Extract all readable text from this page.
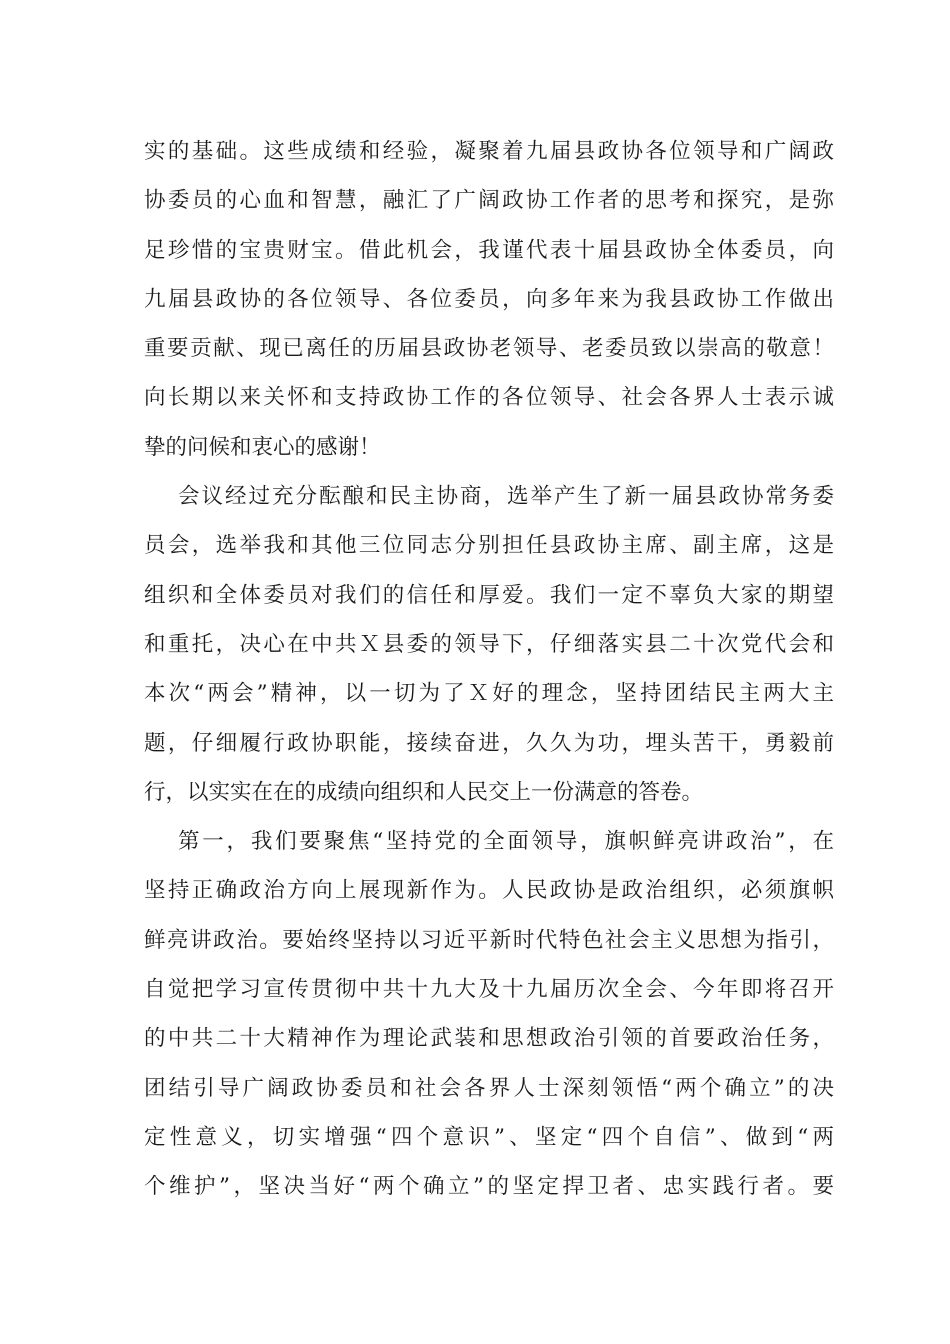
实的基础。这些成绩和经验，凝聚着九届县政协各位领导和广阔政
协委员的心血和智慧，融汇了广阔政协工作者的思考和探究，是弥
足珍惜的宝贵财宝。借此机会，我谨代表十届县政协全体委员，向
九届县政协的各位领导、各位委员，向多年来为我县政协工作做出
重要贡献、现已离任的历届县政协老领导、老委员致以崇高的敬意！
向长期以来关怀和支持政协工作的各位领导、社会各界人士表示诚
挚的问候和衷心的感谢！
会议经过充分酝酿和民主协商，选举产生了新一届县政协常务委
员会，选举我和其他三位同志分别担任县政协主席、副主席，这是
组织和全体委员对我们的信任和厚爱。我们一定不辜负大家的期望
和重托，决心在中共Ｘ县委的领导下，仔细落实县二十次党代会和
本次“两会”精神，以一切为了Ｘ好的理念，坚持团结民主两大主
题，仔细履行政协职能，接续奋进，久久为功，埋头苦干，勇毅前
行，以实实在在的成绩向组织和人民交上一份满意的答卷。
第一，我们要聚焦“坚持党的全面领导，旗帜鲜亮讲政治”，在
坚持正确政治方向上展现新作为。人民政协是政治组织，必须旗帜
鲜亮讲政治。要始终坚持以习近平新时代特色社会主义思想为指引，
自觉把学习宣传贯彻中共十九大及十九届历次全会、今年即将召开
的中共二十大精神作为理论武装和思想政治引领的首要政治任务，
团结引导广阔政协委员和社会各界人士深刻领悟“两个确立”的决
定性意义，切实增强“四个意识”、坚定“四个自信”、做到“两
个维护”，坚决当好“两个确立”的坚定捍卫者、忠实践行者。要
